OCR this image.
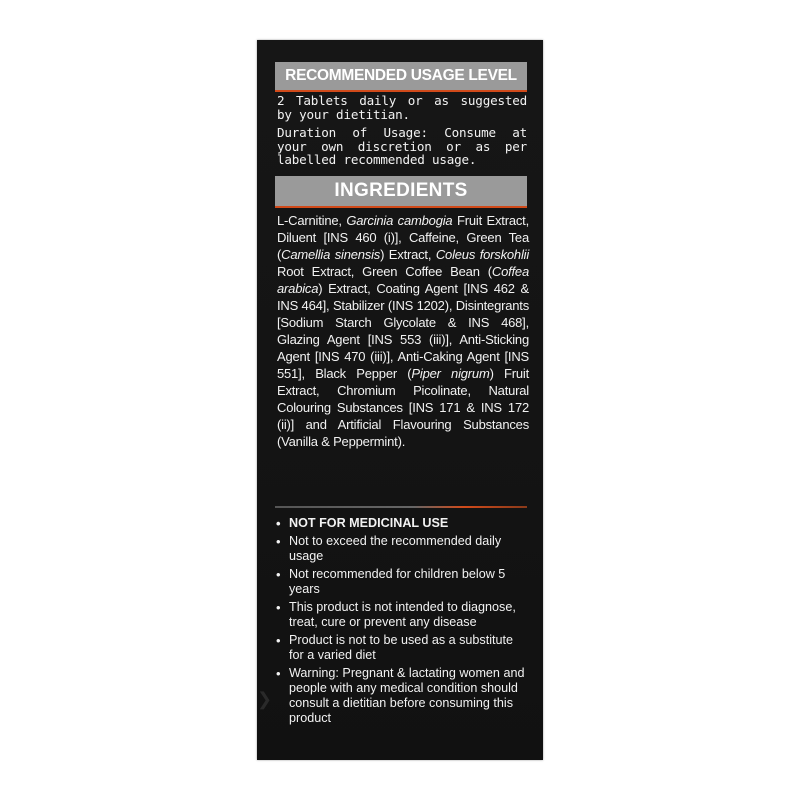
RECOMMENDED USAGE LEVEL
2 Tablets daily or as suggested by your dietitian.
Duration of Usage: Consume at your own discretion or as per labelled recommended usage.
INGREDIENTS
L-Carnitine, Garcinia cambogia Fruit Extract, Diluent [INS 460 (i)], Caffeine, Green Tea (Camellia sinensis) Extract, Coleus forskohlii Root Extract, Green Coffee Bean (Coffea arabica) Extract, Coating Agent [INS 462 & INS 464], Stabilizer (INS 1202), Disintegrants [Sodium Starch Glycolate & INS 468], Glazing Agent [INS 553 (iii)], Anti-Sticking Agent [INS 470 (iii)], Anti-Caking Agent [INS 551], Black Pepper (Piper nigrum) Fruit Extract, Chromium Picolinate, Natural Colouring Substances [INS 171 & INS 172 (ii)] and Artificial Flavouring Substances (Vanilla & Peppermint).
• NOT FOR MEDICINAL USE
• Not to exceed the recommended daily usage
• Not recommended for children below 5 years
• This product is not intended to diagnose, treat, cure or prevent any disease
• Product is not to be used as a substitute for a varied diet
• Warning: Pregnant & lactating women and people with any medical condition should consult a dietitian before consuming this product
❯
